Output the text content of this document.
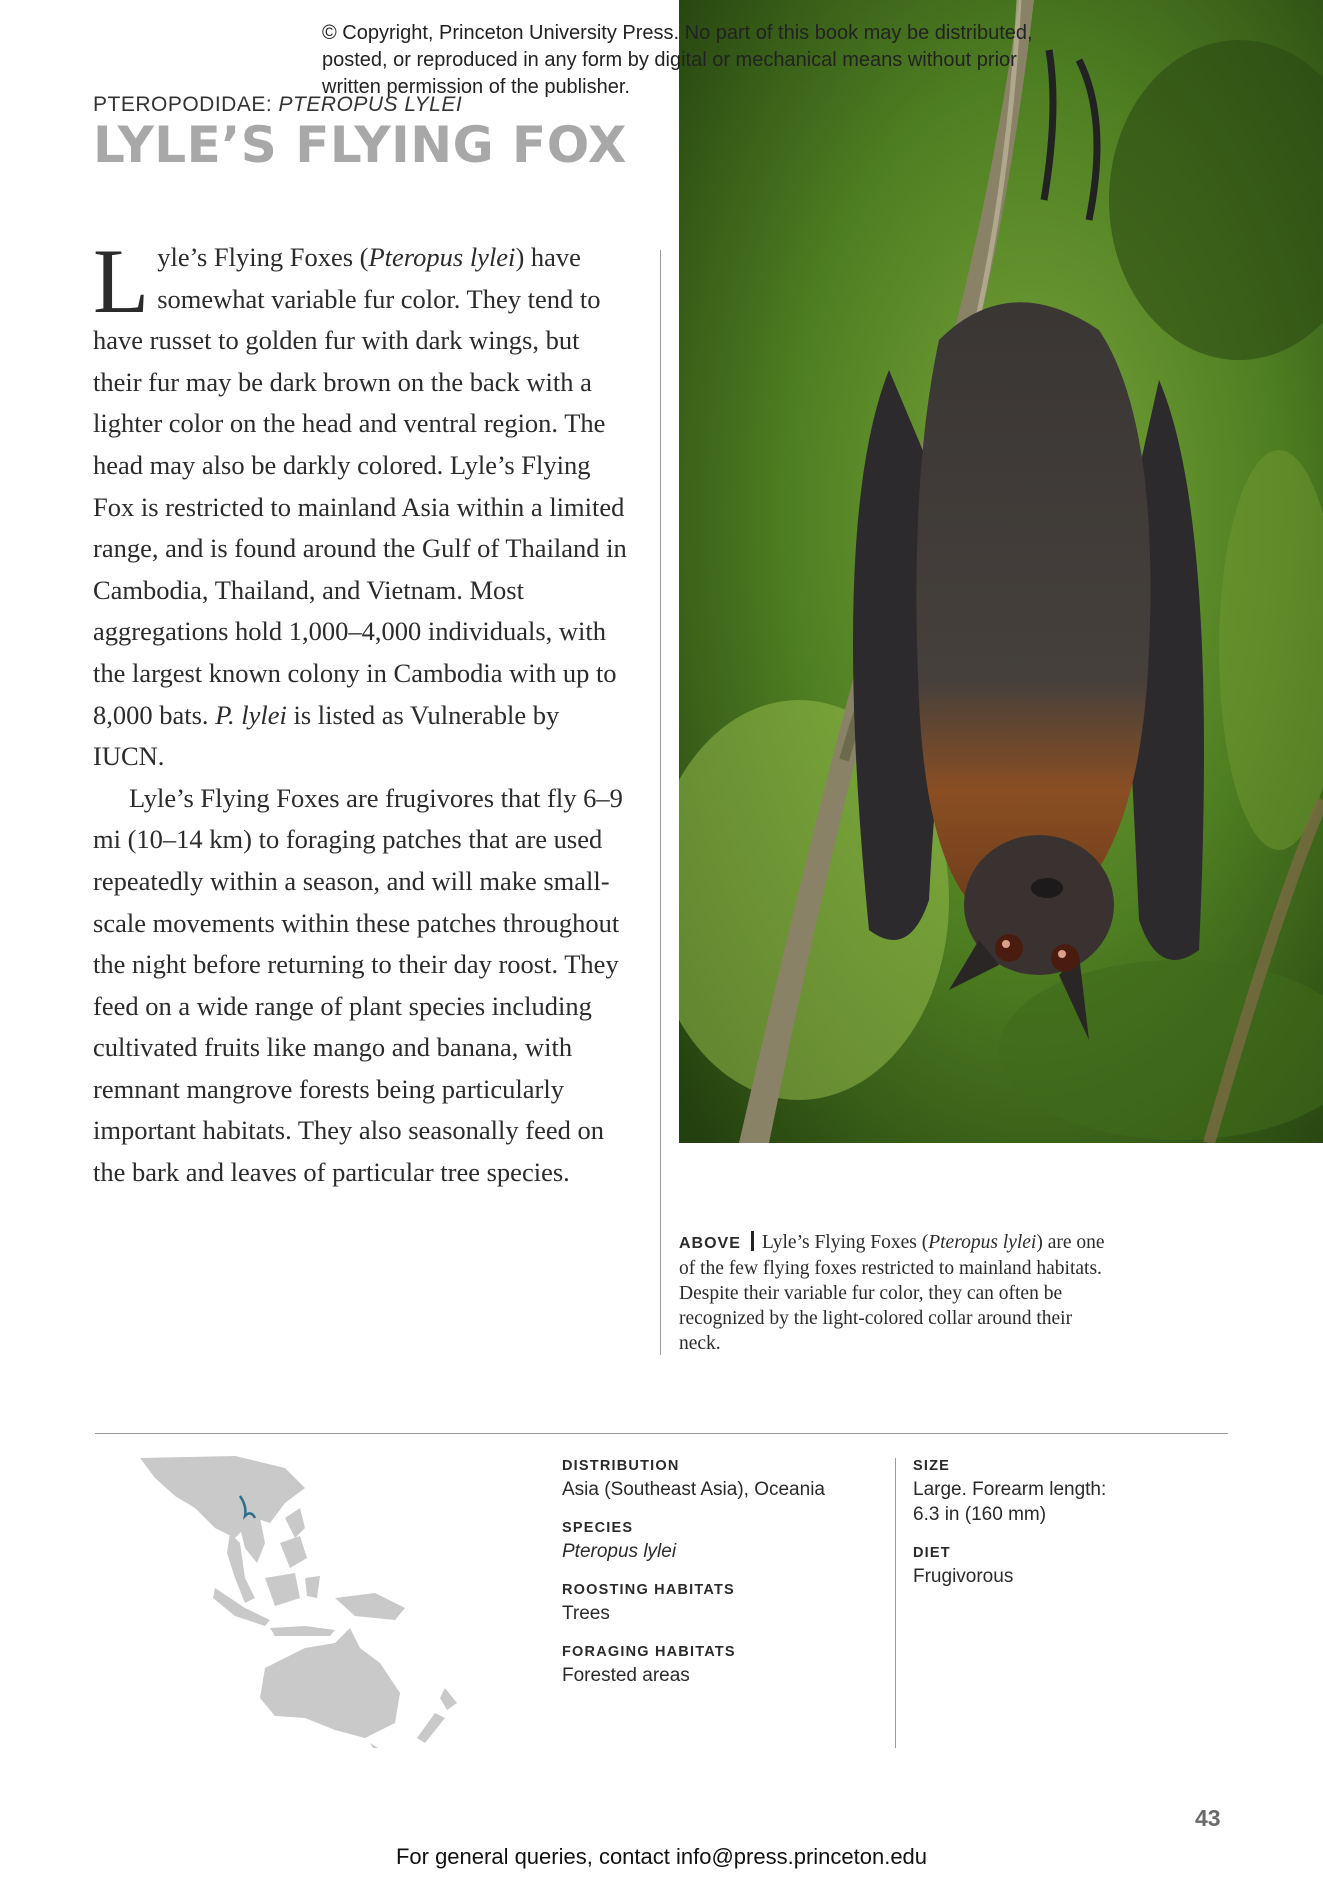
© Copyright, Princeton University Press. No part of this book may be distributed, posted, or reproduced in any form by digital or mechanical means without prior written permission of the publisher.
PTEROPODIDAE: PTEROPUS LYLEI
LYLE’S FLYING FOX

Lyle’s Flying Foxes (Pteropus lylei) have somewhat variable fur color. They tend to have russet to golden fur with dark wings, but their fur may be dark brown on the back with a lighter color on the head and ventral region. The head may also be darkly colored. Lyle’s Flying Fox is restricted to mainland Asia within a limited range, and is found around the Gulf of Thailand in Cambodia, Thailand, and Vietnam. Most aggregations hold 1,000–4,000 individuals, with the largest known colony in Cambodia with up to 8,000 bats. P. lylei is listed as Vulnerable by IUCN.

Lyle’s Flying Foxes are frugivores that fly 6–9 mi (10–14 km) to foraging patches that are used repeatedly within a season, and will make small-scale movements within these patches throughout the night before returning to their day roost. They feed on a wide range of plant species including cultivated fruits like mango and banana, with remnant mangrove forests being particularly important habitats. They also seasonally feed on the bark and leaves of particular tree species.

ABOVE Lyle’s Flying Foxes (Pteropus lylei) are one of the few flying foxes restricted to mainland habitats. Despite their variable fur color, they can often be recognized by the light-colored collar around their neck.
DISTRIBUTION
Asia (Southeast Asia), Oceania
SPECIES
Pteropus lylei
ROOSTING HABITATS
Trees
FORAGING HABITATS
Forested areas
SIZE
Large. Forearm length: 6.3 in (160 mm)
DIET
Frugivorous
43
For general queries, contact info@press.princeton.edu
